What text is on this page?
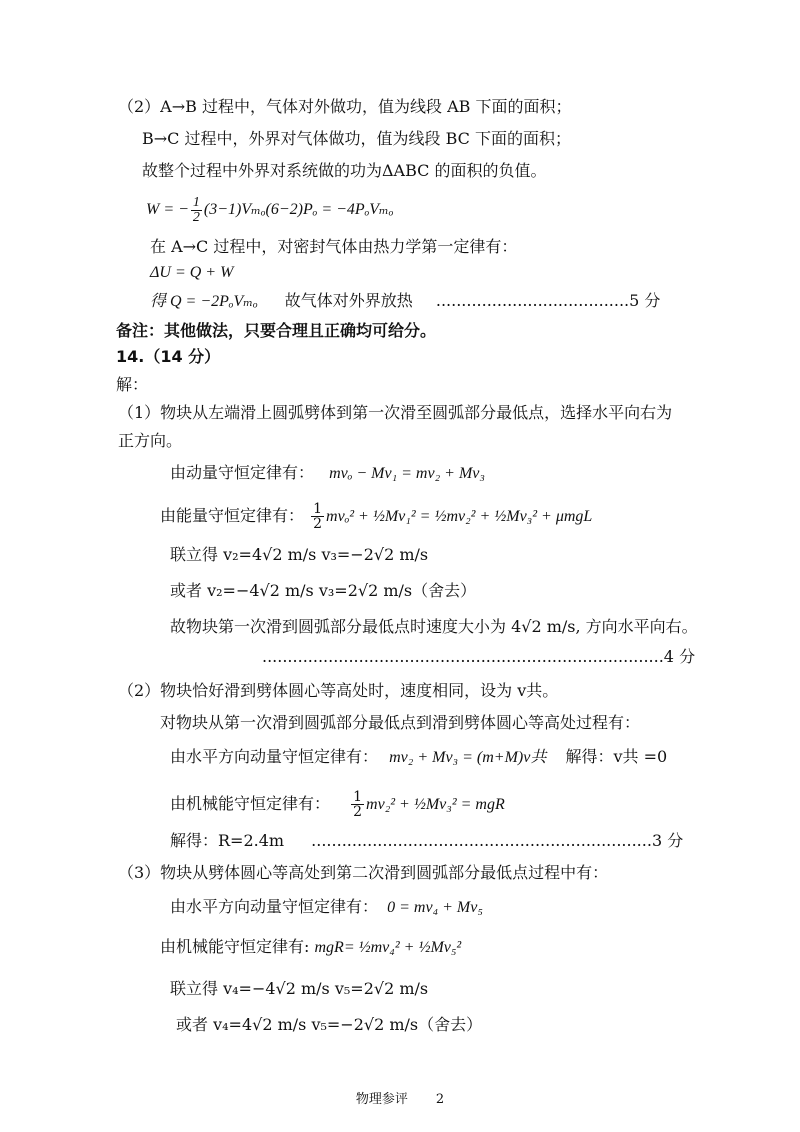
（2）A→B 过程中，气体对外做功，值为线段 AB 下面的面积；
B→C 过程中，外界对气体做功，值为线段 BC 下面的面积；
故整个过程中外界对系统做的功为ΔABC 的面积的负值。
W = − $\frac{1}{2} (3-1)V_{mo}(6-2)P_o = -4P_oV_{mo}$
在 A→C 过程中，对密封气体由热力学第一定律有：
ΔU = Q + W
得 Q = −2PₒVₘₒ 故气体对外界放热 ......................................5 分
备注：其他做法，只要合理且正确均可给分。
14.（14 分）
解：
（1）物块从左端滑上圆弧劈体到第一次滑至圆弧部分最低点，选择水平向右为
正方向。
由动量守恒定律有： mvₒ − Mv₁ = mv₂ + Mv₃
由能量守恒定律有： $\frac{1}{2} mv_o^2$ + ½Mv₁² = ½mv₂² + ½Mv₃² + μmgL
联立得 v₂=4√2 m/s v₃=−2√2 m/s
或者 v₂=−4√2 m/s v₃=2√2 m/s（舍去）
故物块第一次滑到圆弧部分最低点时速度大小为 4√2 m/s, 方向水平向右。
...............................................................................4 分
（2）物块恰好滑到劈体圆心等高处时，速度相同，设为 v共。
对物块从第一次滑到圆弧部分最低点到滑到劈体圆心等高处过程有：
由水平方向动量守恒定律有： mv₂ + Mv₃ = (m+M)v共 解得：v共 =0
由机械能守恒定律有： $\frac{1}{2} mv_2^2$ + ½Mv₃² = mgR
解得：R=2.4m ...................................................................3 分
（3）物块从劈体圆心等高处到第二次滑到圆弧部分最低点过程中有：
由水平方向动量守恒定律有： 0 = mv₄ + Mv₅
由机械能守恒定律有: mgR= ½mv₄² + ½Mv₅²
联立得 v₄=−4√2 m/s v₅=2√2 m/s
或者 v₄=4√2 m/s v₅=−2√2 m/s（舍去）
物理参评 2
